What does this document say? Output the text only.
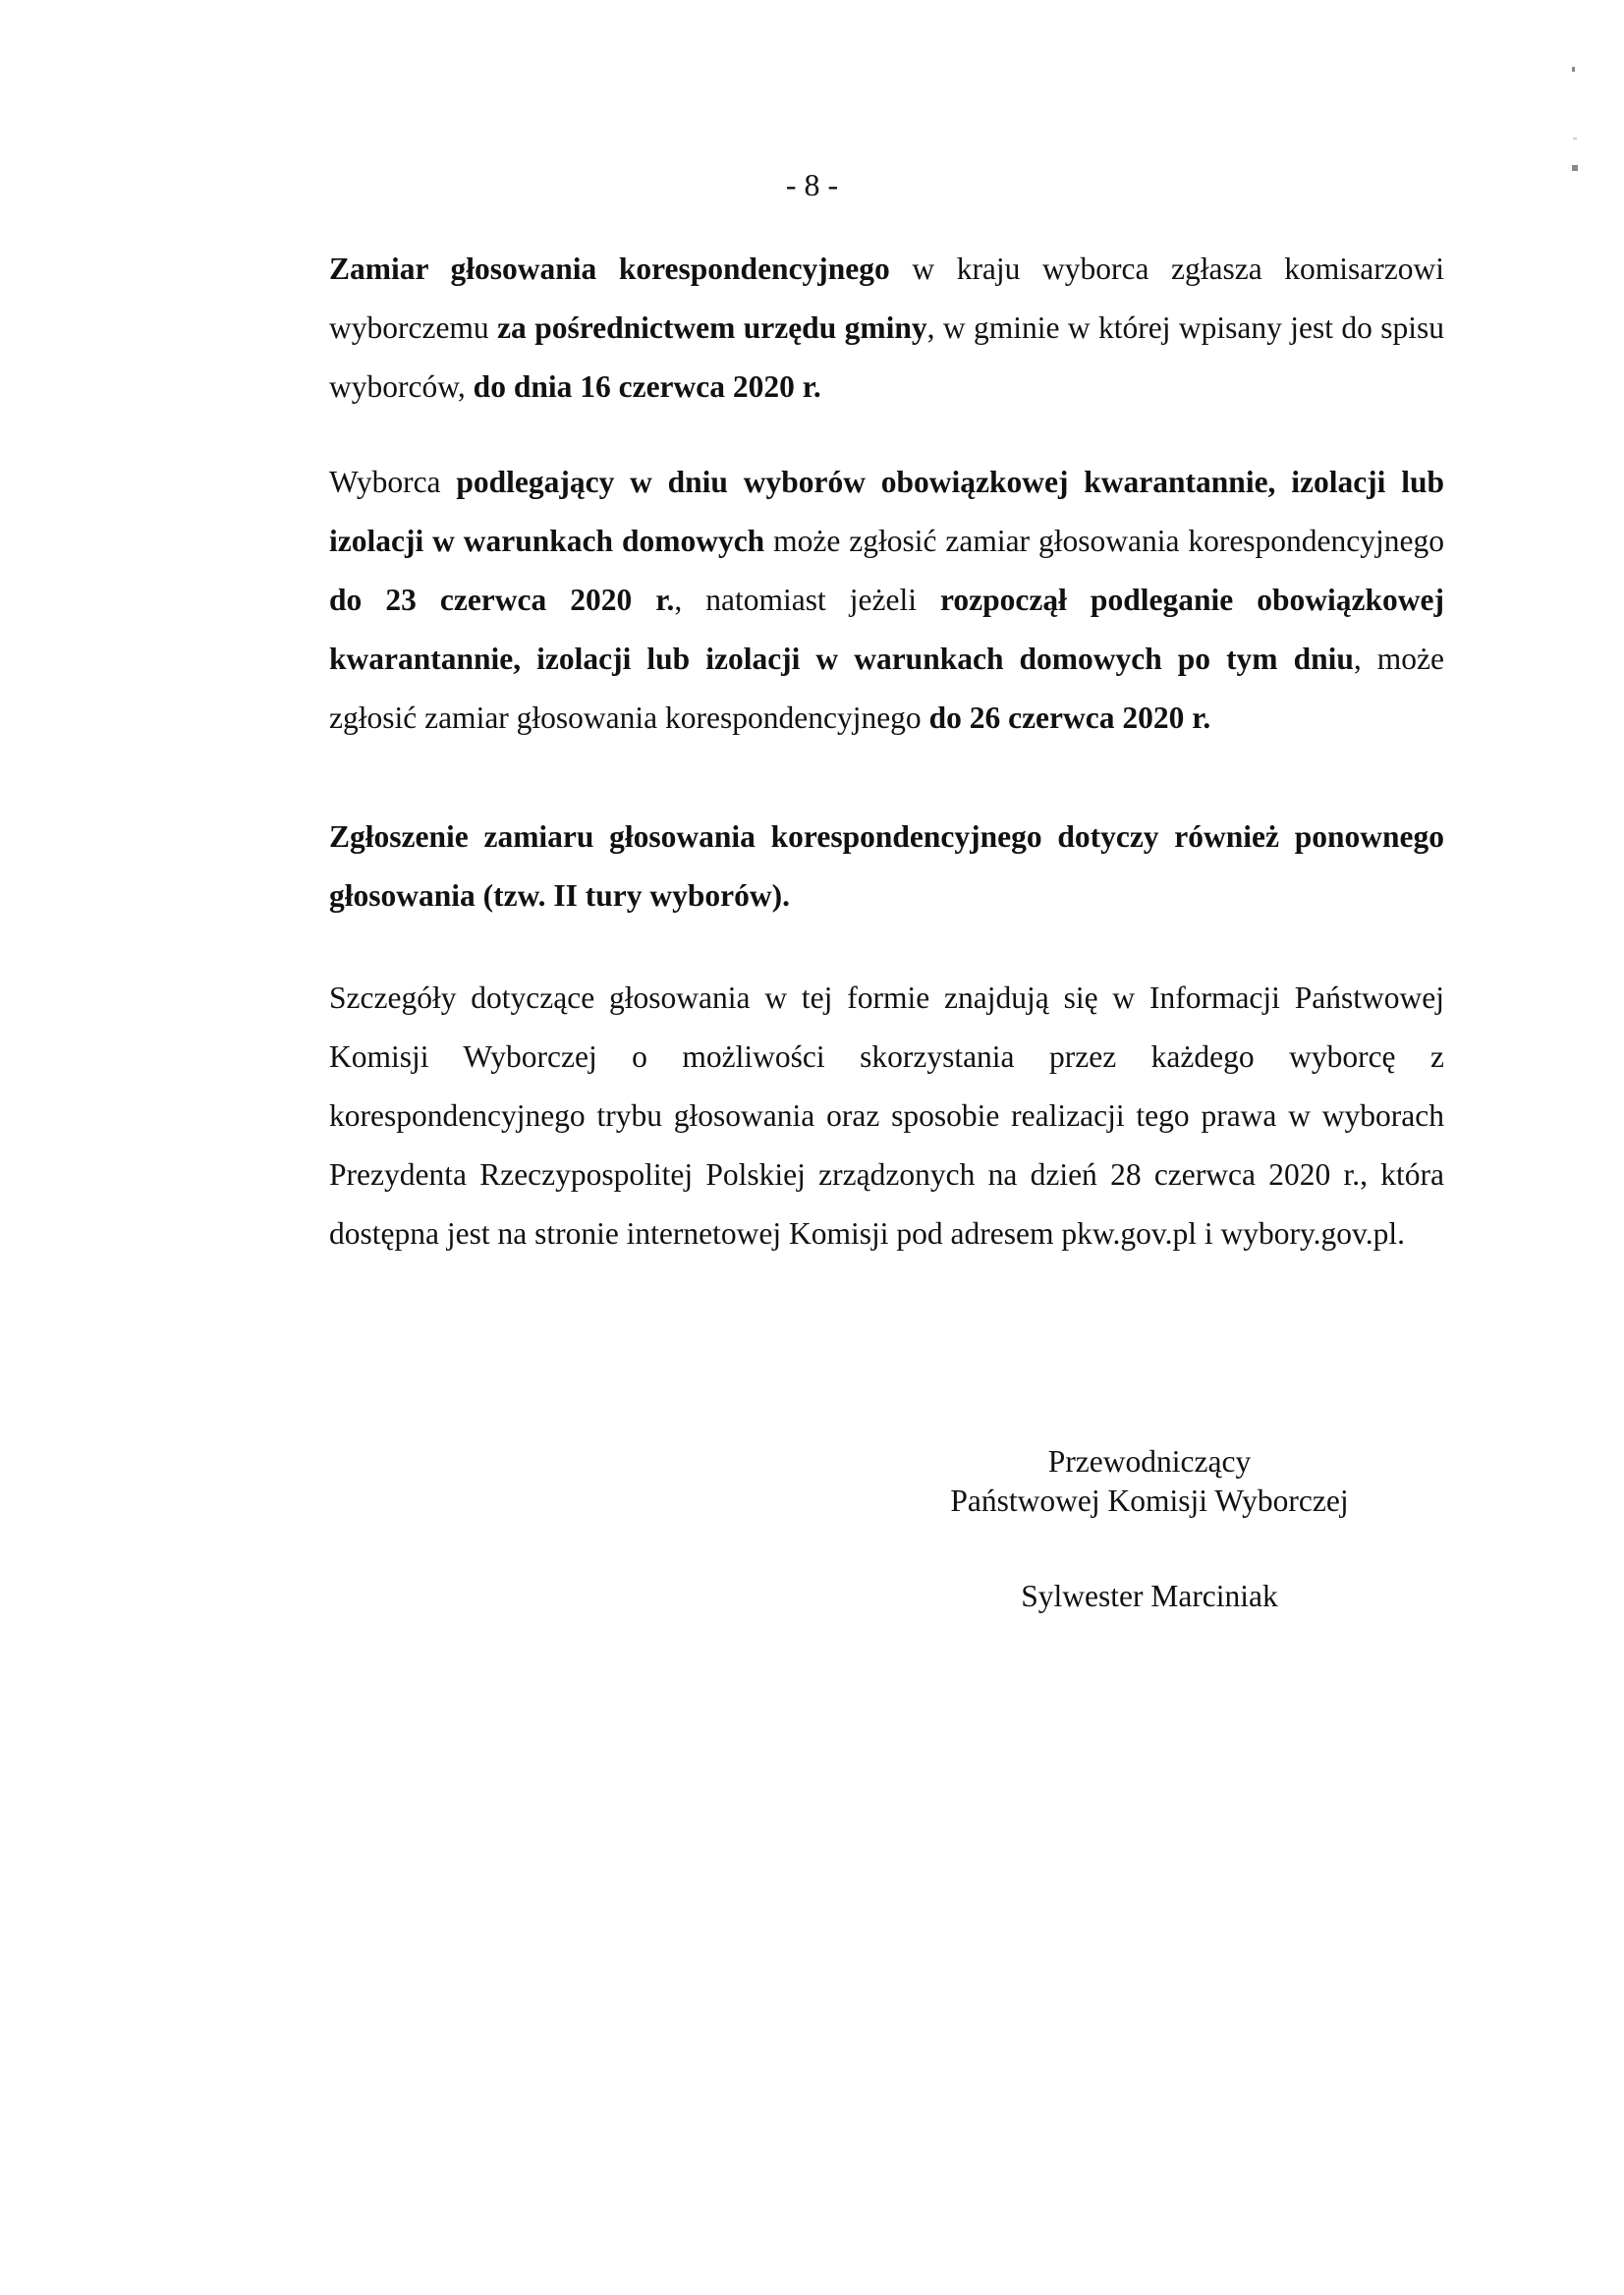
- 8 -

Zamiar głosowania korespondencyjnego w kraju wyborca zgłasza komisarzowi wyborczemu za pośrednictwem urzędu gminy, w gminie w której wpisany jest do spisu wyborców, do dnia 16 czerwca 2020 r.

Wyborca podlegający w dniu wyborów obowiązkowej kwarantannie, izolacji lub izolacji w warunkach domowych może zgłosić zamiar głosowania korespondencyjnego do 23 czerwca 2020 r., natomiast jeżeli rozpoczął podleganie obowiązkowej kwarantannie, izolacji lub izolacji w warunkach domowych po tym dniu, może zgłosić zamiar głosowania korespondencyjnego do 26 czerwca 2020 r.

Zgłoszenie zamiaru głosowania korespondencyjnego dotyczy również ponownego głosowania (tzw. II tury wyborów).

Szczegóły dotyczące głosowania w tej formie znajdują się w Informacji Państwowej Komisji Wyborczej o możliwości skorzystania przez każdego wyborcę z korespondencyjnego trybu głosowania oraz sposobie realizacji tego prawa w wyborach Prezydenta Rzeczypospolitej Polskiej zrządzonych na dzień 28 czerwca 2020 r., która dostępna jest na stronie internetowej Komisji pod adresem pkw.gov.pl i wybory.gov.pl.

Przewodniczący
Państwowej Komisji Wyborczej
Sylwester Marciniak
